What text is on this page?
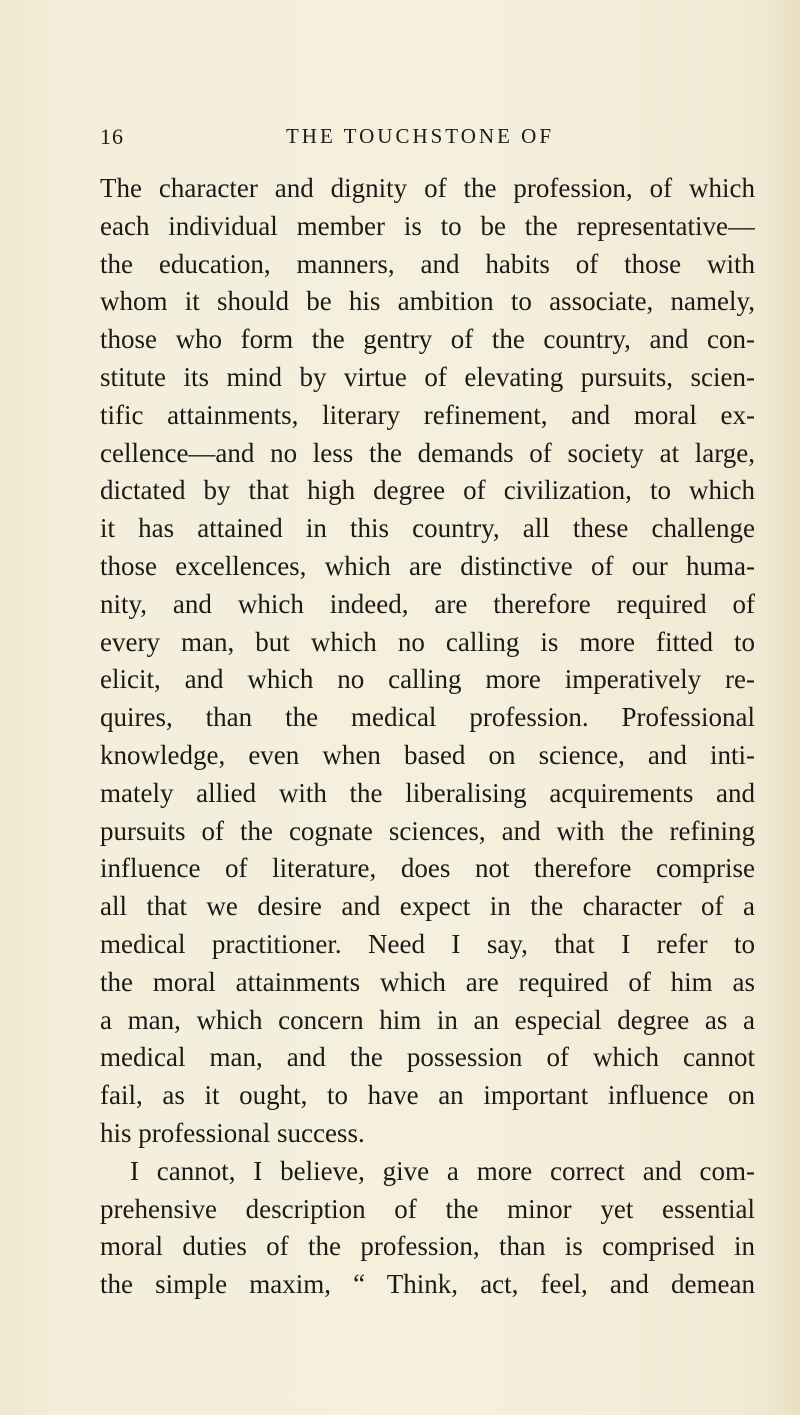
16	THE TOUCHSTONE OF
The character and dignity of the profession, of which
each individual member is to be the representative—
the education, manners, and habits of those with
whom it should be his ambition to associate, namely,
those who form the gentry of the country, and con-
stitute its mind by virtue of elevating pursuits, scien-
tific attainments, literary refinement, and moral ex-
cellence—and no less the demands of society at large,
dictated by that high degree of civilization, to which
it has attained in this country, all these challenge
those excellences, which are distinctive of our huma-
nity, and which indeed, are therefore required of
every man, but which no calling is more fitted to
elicit, and which no calling more imperatively re-
quires, than the medical profession. Professional
knowledge, even when based on science, and inti-
mately allied with the liberalising acquirements and
pursuits of the cognate sciences, and with the refining
influence of literature, does not therefore comprise
all that we desire and expect in the character of a
medical practitioner. Need I say, that I refer to
the moral attainments which are required of him as
a man, which concern him in an especial degree as a
medical man, and the possession of which cannot
fail, as it ought, to have an important influence on
his professional success.
I cannot, I believe, give a more correct and com-
prehensive description of the minor yet essential
moral duties of the profession, than is comprised in
the simple maxim, “ Think, act, feel, and demean
